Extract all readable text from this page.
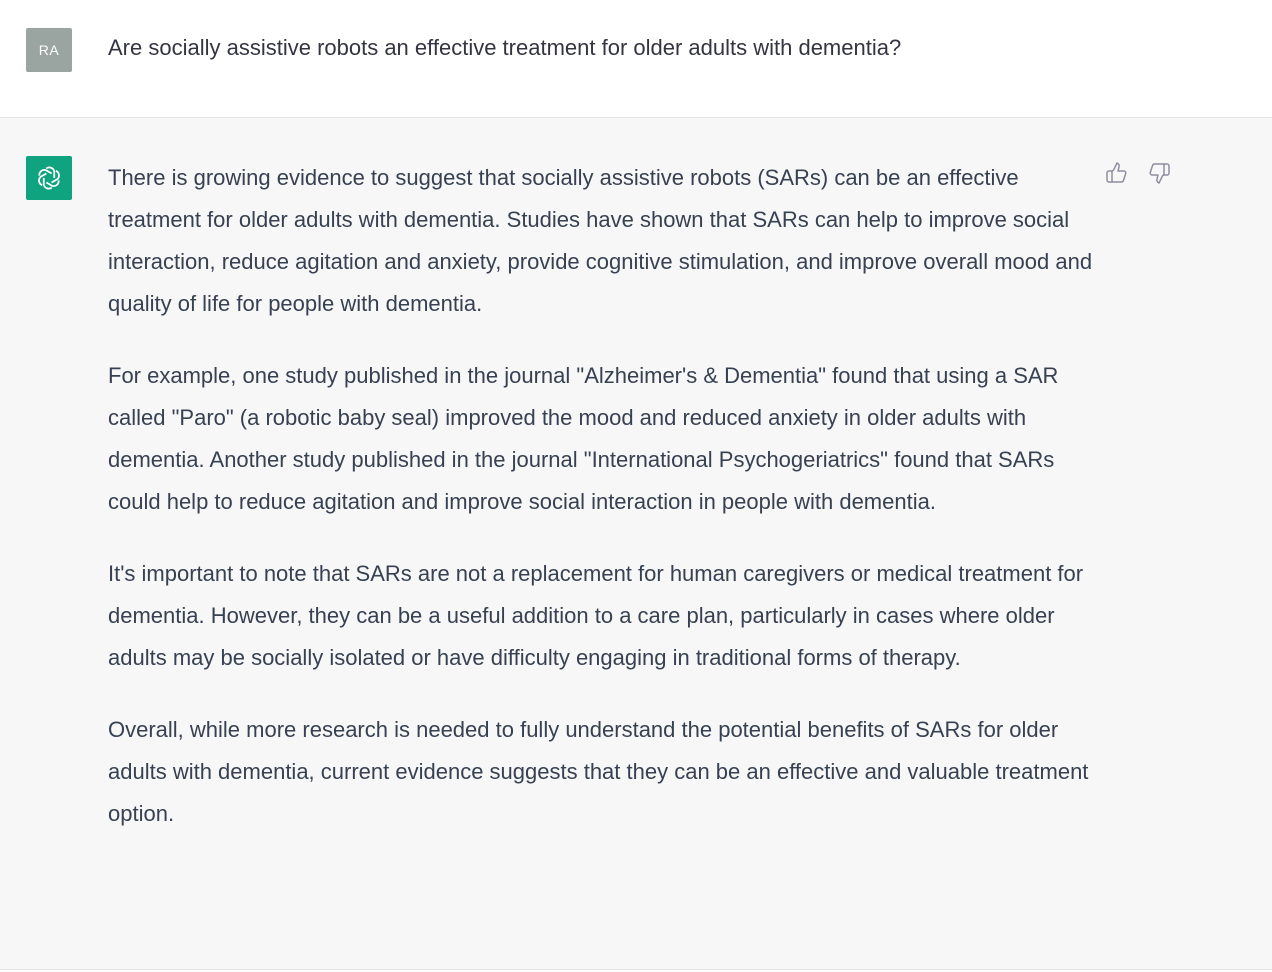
RA	Are socially assistive robots an effective treatment for older adults with dementia?

There is growing evidence to suggest that socially assistive robots (SARs) can be an effective treatment for older adults with dementia. Studies have shown that SARs can help to improve social interaction, reduce agitation and anxiety, provide cognitive stimulation, and improve overall mood and quality of life for people with dementia.

For example, one study published in the journal "Alzheimer's & Dementia" found that using a SAR called "Paro" (a robotic baby seal) improved the mood and reduced anxiety in older adults with dementia. Another study published in the journal "International Psychogeriatrics" found that SARs could help to reduce agitation and improve social interaction in people with dementia.

It's important to note that SARs are not a replacement for human caregivers or medical treatment for dementia. However, they can be a useful addition to a care plan, particularly in cases where older adults may be socially isolated or have difficulty engaging in traditional forms of therapy.

Overall, while more research is needed to fully understand the potential benefits of SARs for older adults with dementia, current evidence suggests that they can be an effective and valuable treatment option.
